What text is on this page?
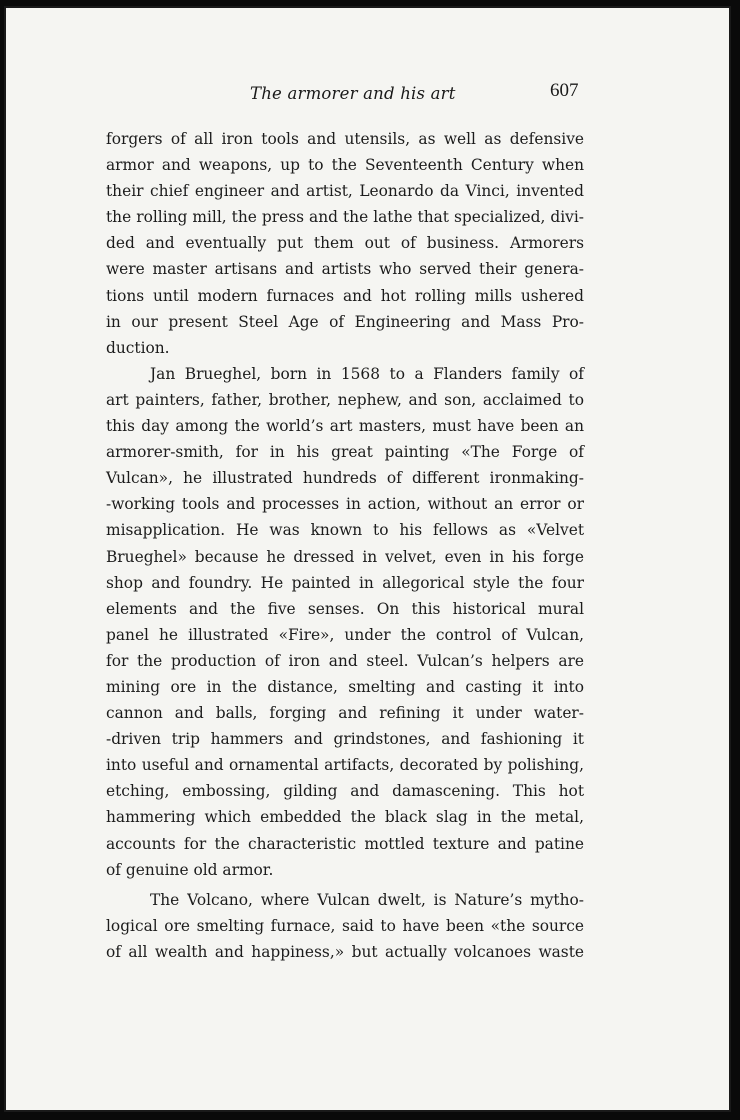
The armorer and his art	607
forgers of all iron tools and utensils, as well as defensive
armor and weapons, up to the Seventeenth Century when
their chief engineer and artist, Leonardo da Vinci, invented
the rolling mill, the press and the lathe that specialized, divi-
ded and eventually put them out of business. Armorers
were master artisans and artists who served their genera-
tions until modern furnaces and hot rolling mills ushered
in our present Steel Age of Engineering and Mass Pro-
duction.
Jan Brueghel, born in 1568 to a Flanders family of
art painters, father, brother, nephew, and son, acclaimed to
this day among the world’s art masters, must have been an
armorer-smith, for in his great painting «The Forge of
Vulcan», he illustrated hundreds of different ironmaking-
-working tools and processes in action, without an error or
misapplication. He was known to his fellows as «Velvet
Brueghel» because he dressed in velvet, even in his forge
shop and foundry. He painted in allegorical style the four
elements and the five senses. On this historical mural
panel he illustrated «Fire», under the control of Vulcan,
for the production of iron and steel. Vulcan’s helpers are
mining ore in the distance, smelting and casting it into
cannon and balls, forging and refining it under water-
-driven trip hammers and grindstones, and fashioning it
into useful and ornamental artifacts, decorated by polishing,
etching, embossing, gilding and damascening. This hot
hammering which embedded the black slag in the metal,
accounts for the characteristic mottled texture and patine
of genuine old armor.
The Volcano, where Vulcan dwelt, is Nature’s mytho-
logical ore smelting furnace, said to have been «the source
of all wealth and happiness,» but actually volcanoes waste
